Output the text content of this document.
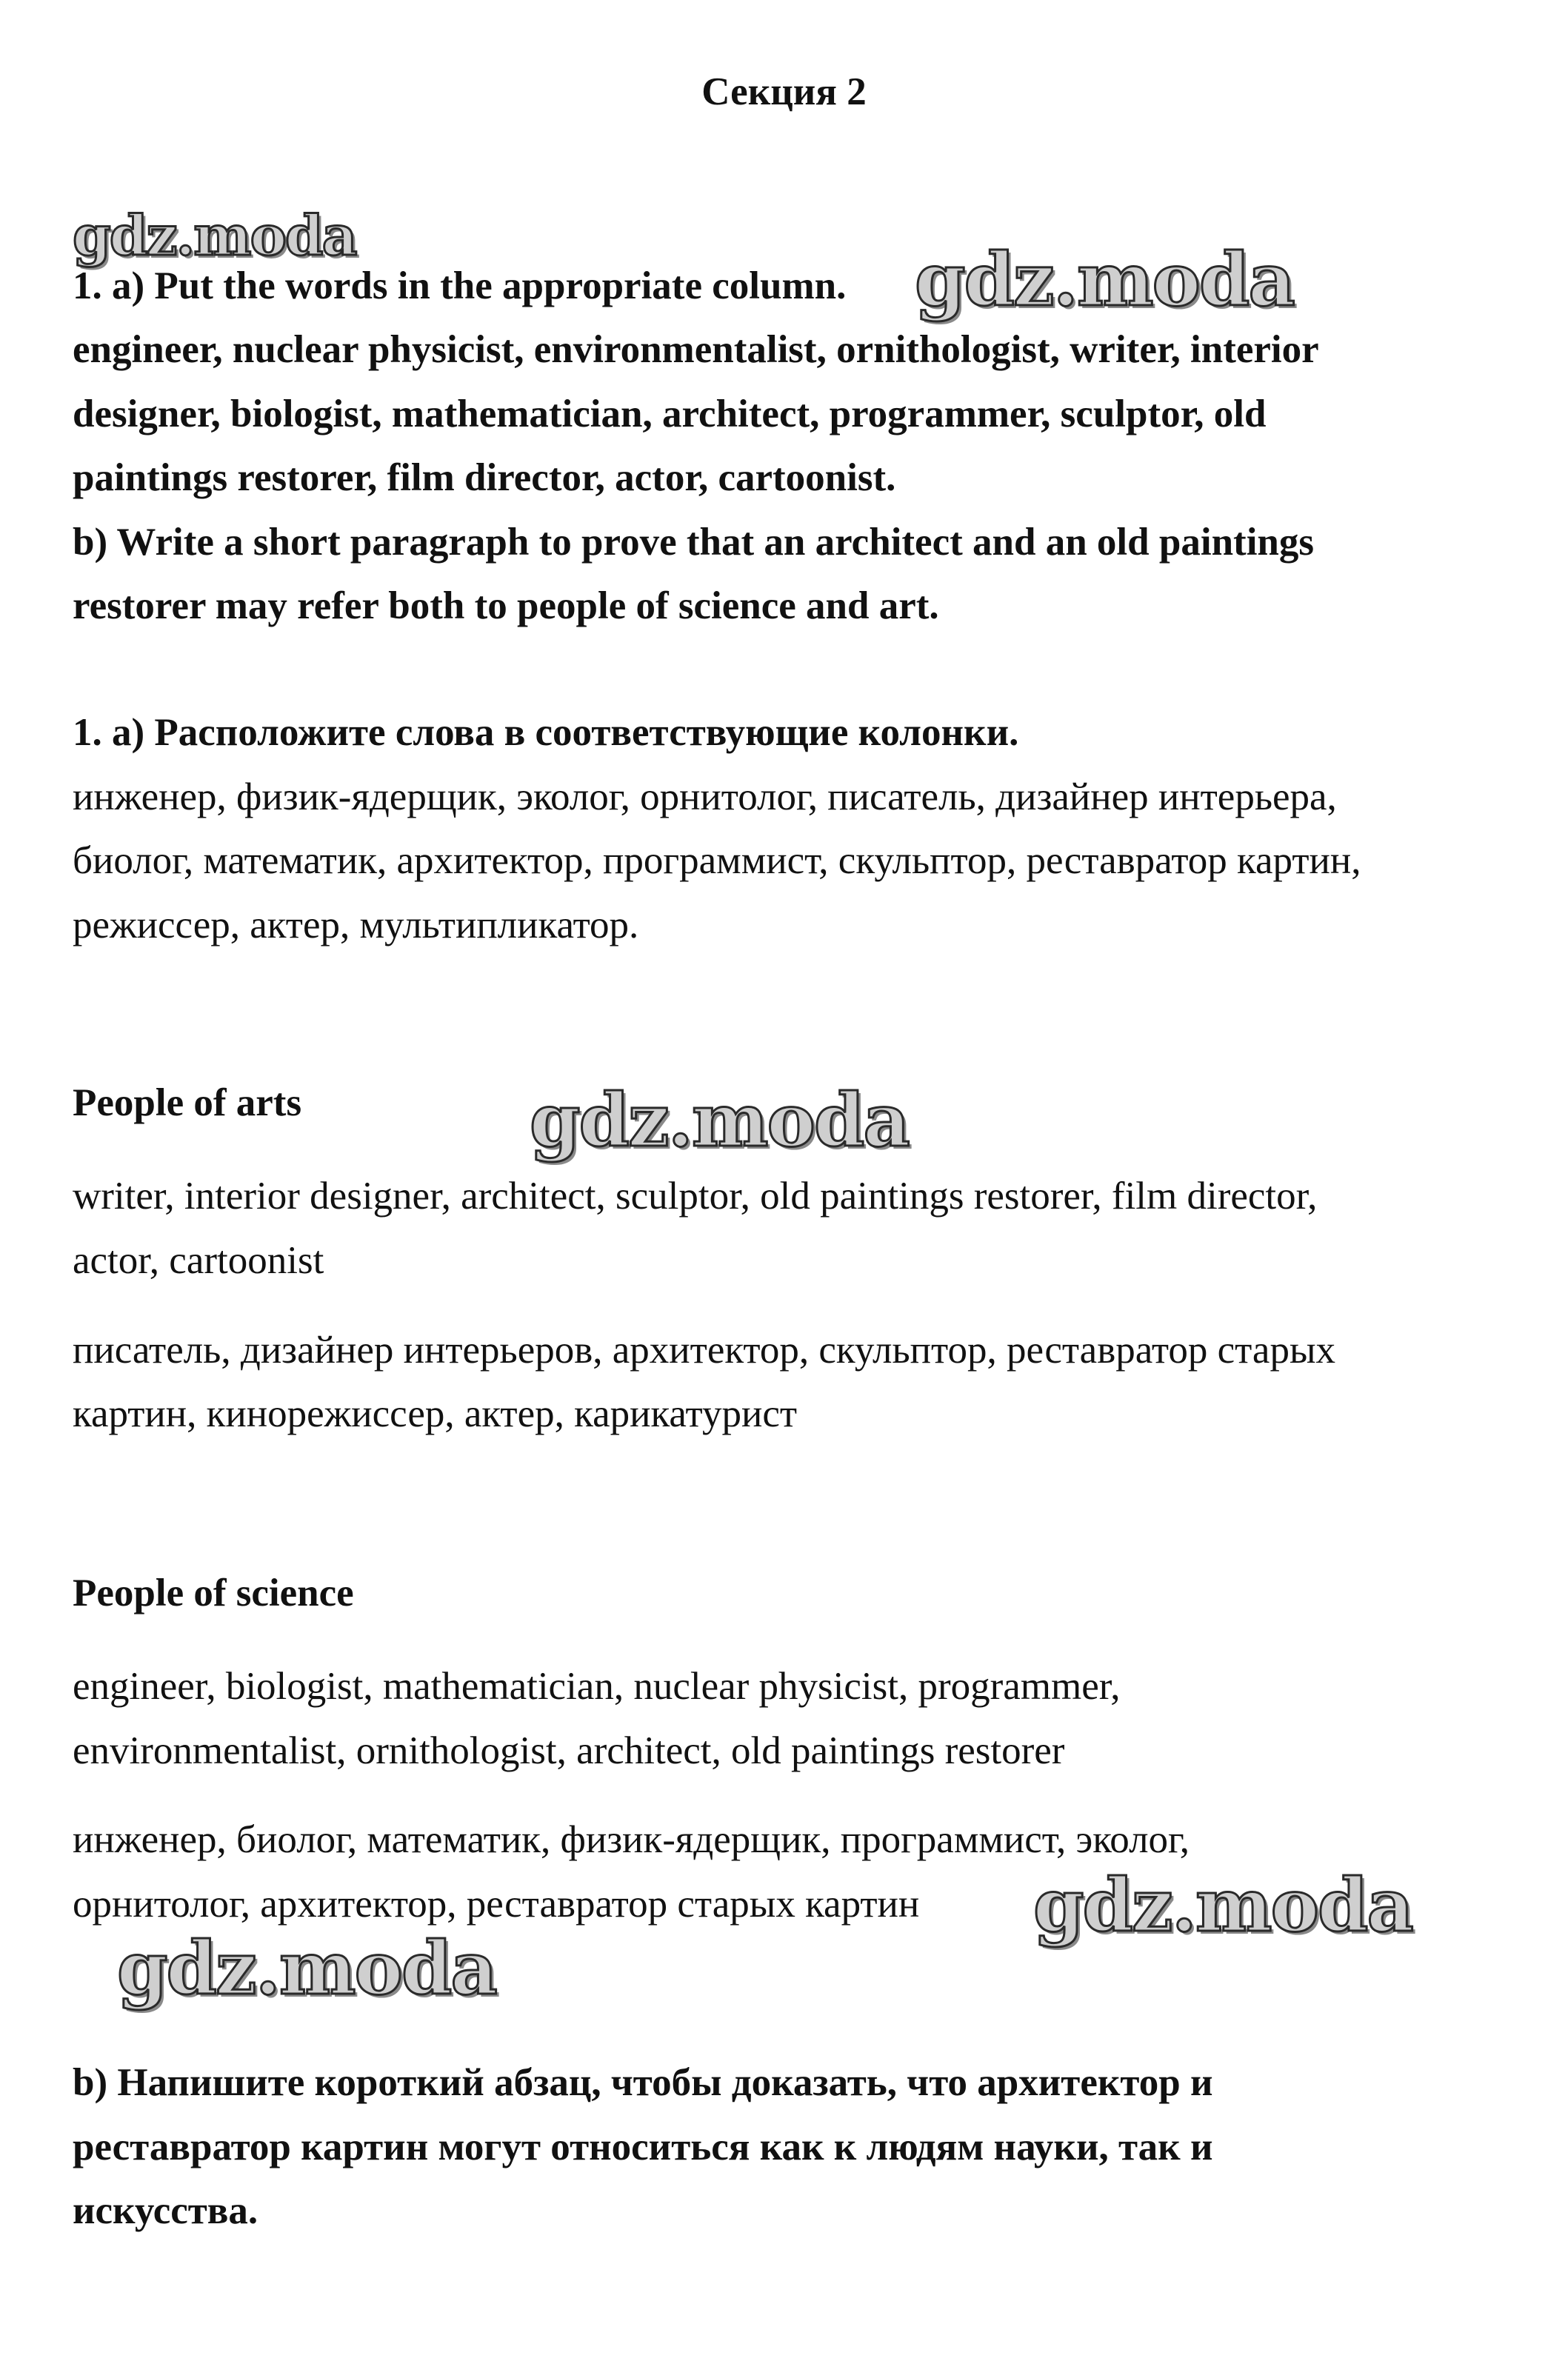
Секция 2
gdz.moda
gdz.moda
gdz.moda
gdz.moda
gdz.moda
1. a) Put the words in the appropriate column.
engineer, nuclear physicist, environmentalist, ornithologist, writer, interior
designer, biologist, mathematician, architect, programmer, sculptor, old
paintings restorer, film director, actor, cartoonist.
b) Write a short paragraph to prove that an architect and an old paintings
restorer may refer both to people of science and art.
1. a) Расположите слова в соответствующие колонки.
инженер, физик-ядерщик, эколог, орнитолог, писатель, дизайнер интерьера,
биолог, математик, архитектор, программист, скульптор, реставратор картин,
режиссер, актер, мультипликатор.
People of arts
writer, interior designer, architect, sculptor, old paintings restorer, film director,
actor, cartoonist
писатель, дизайнер интерьеров, архитектор, скульптор, реставратор старых
картин, кинорежиссер, актер, карикатурист
People of science
engineer, biologist, mathematician, nuclear physicist, programmer,
environmentalist, ornithologist, architect, old paintings restorer
инженер, биолог, математик, физик-ядерщик, программист, эколог,
орнитолог, архитектор, реставратор старых картин
b) Напишите короткий абзац, чтобы доказать, что архитектор и
реставратор картин могут относиться как к людям науки, так и
искусства.
